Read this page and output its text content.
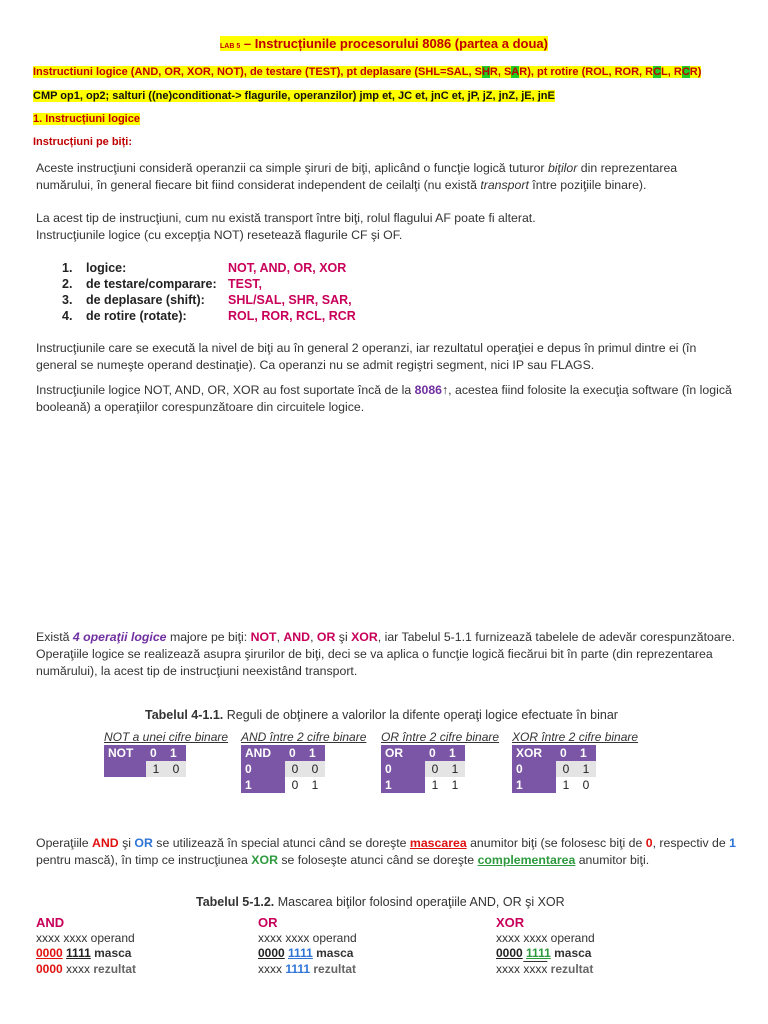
LAB 5 – Instrucțiunile procesorului 8086 (partea a doua)
Instructiuni logice (AND, OR, XOR, NOT), de testare (TEST), pt deplasare (SHL=SAL, SHR, SAR), pt rotire (ROL, ROR, RCL, RCR)
CMP op1, op2; salturi ((ne)conditionat-> flagurile, operanzilor) jmp et, JC et, jnC et, jP, jZ, jnZ, jE, jnE
1. Instrucțiuni logice
Instrucțiuni pe biți:
Aceste instrucţiuni consideră operanzii ca simple şiruri de biţi, aplicând o funcţie logică tuturor biţilor din reprezentarea numărului, în general fiecare bit fiind considerat independent de ceilalţi (nu există transport între poziţiile binare).
La acest tip de instrucţiuni, cum nu există transport între biţi, rolul flagului AF poate fi alterat.
Instrucţiunile logice (cu excepţia NOT) resetează flagurile CF şi OF.
1. logice:	NOT, AND, OR, XOR
2. de testare/comparare: TEST,
3. de deplasare (shift): SHL/SAL, SHR, SAR,
4. de rotire (rotate):	ROL, ROR, RCL, RCR
Instrucţiunile care se execută la nivel de biţi au în general 2 operanzi, iar rezultatul operaţiei e depus în primul dintre ei (în general se numeşte operand destinaţie). Ca operanzi nu se admit regiştri segment, nici IP sau FLAGS.
Instrucţiunile logice NOT, AND, OR, XOR au fost suportate încă de la 8086↑, acestea fiind folosite la execuţia software (în logică booleană) a operaţiilor corespunzătoare din circuitele logice.
Există 4 operaţii logice majore pe biţi: NOT, AND, OR şi XOR, iar Tabelul 5-1.1 furnizează tabelele de adevăr corespunzătoare. Operaţiile logice se realizează asupra şirurilor de biţi, deci se va aplica o funcţie logică fiecărui bit în parte (din reprezentarea numărului), la acest tip de instrucţiuni neexistând transport.
Tabelul 4-1.1. Reguli de obţinere a valorilor la difente operaţi logice efectuate în binar
NOT a unei cifre binare
NOT	0	1
	1	0
AND între 2 cifre binare
AND	0	1
0	0	0
1	0	1
OR între 2 cifre binare
OR	0	1
0	0	1
1	1	1
XOR între 2 cifre binare
XOR	0	1
0	0	1
1	1	0
Operaţiile AND şi OR se utilizează în special atunci când se doreşte mascarea anumitor biţi (se folosesc biţi de 0, respectiv de 1 pentru mască), în timp ce instrucţiunea XOR se foloseşte atunci când se doreşte complementarea anumitor biţi.
Tabelul 5-1.2. Mascarea biţilor folosind operaţiile AND, OR şi XOR
AND
xxxx xxxx operand
0000 1111 masca
0000 xxxx rezultat
OR
xxxx xxxx operand
0000 1111 masca
xxxx 1111 rezultat
XOR
xxxx xxxx operand
0000 1111 masca
xxxx xxxx rezultat
